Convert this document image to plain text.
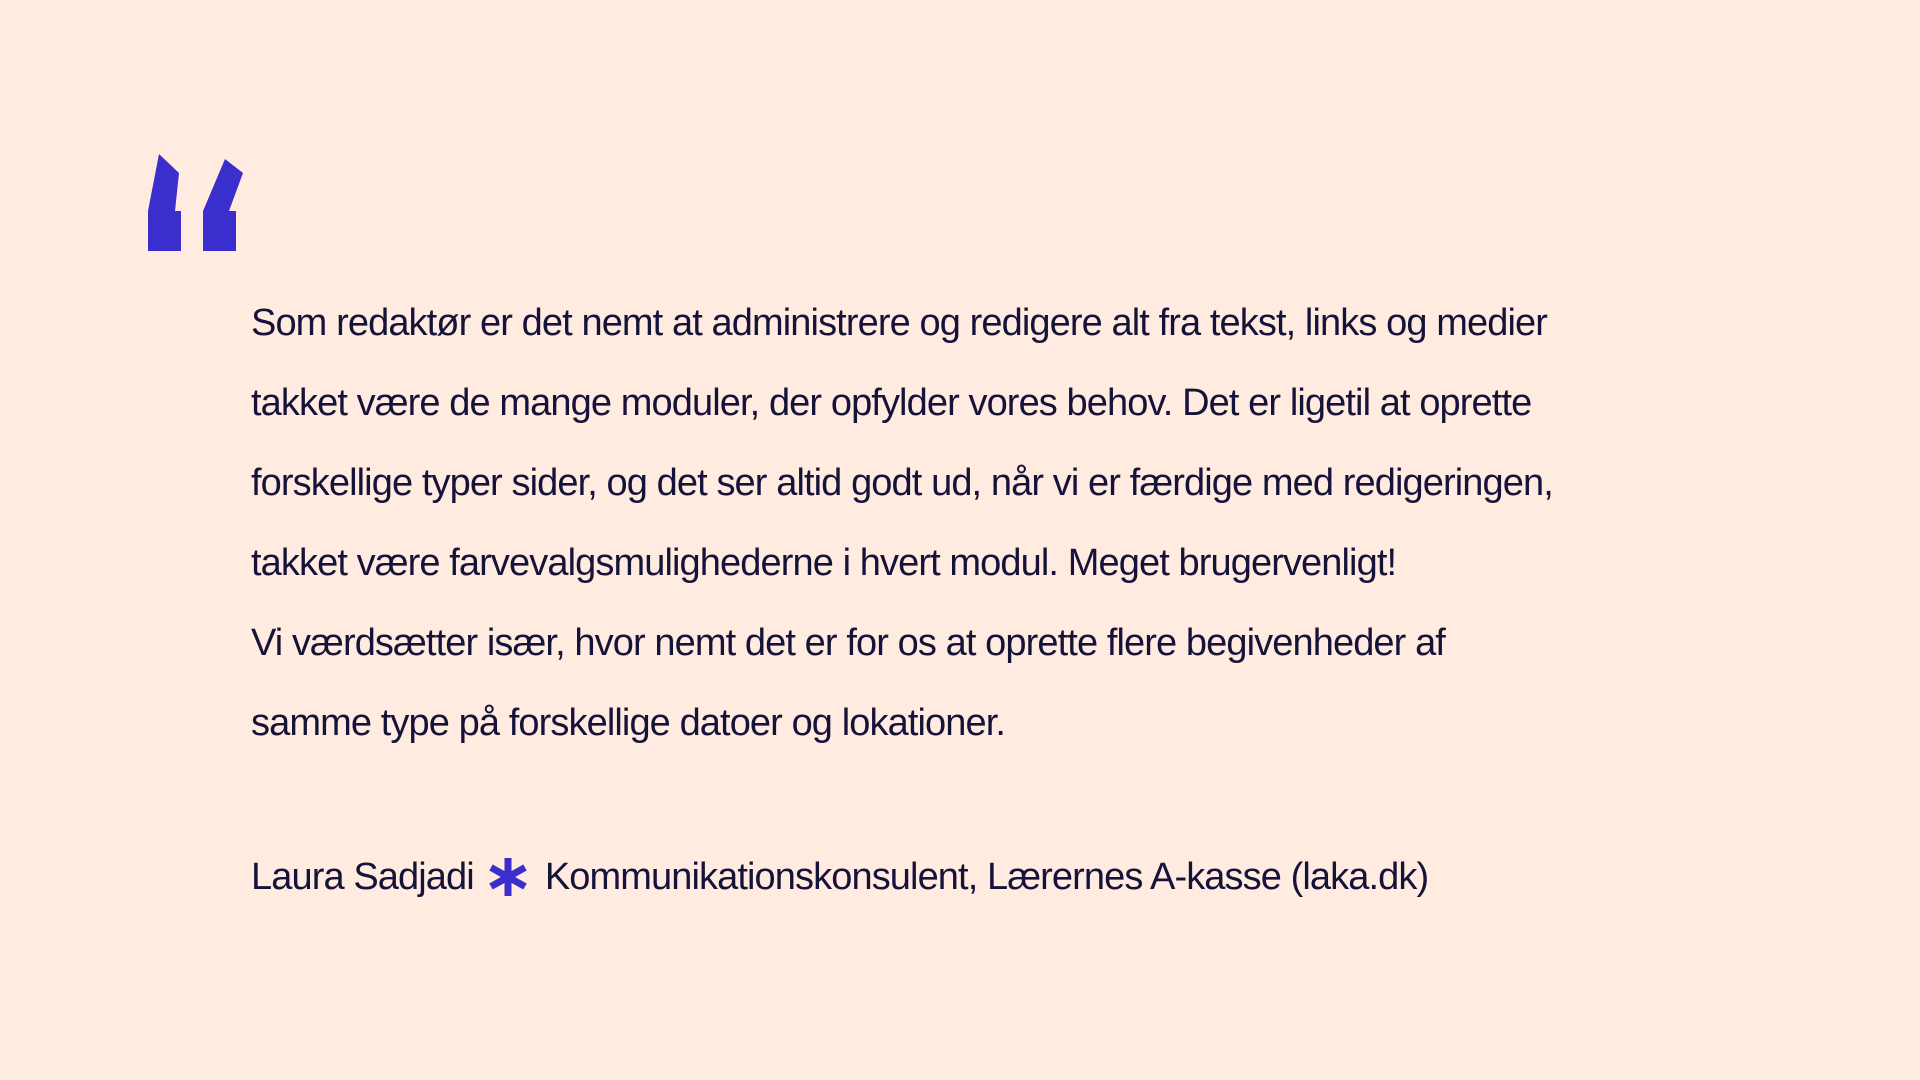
Som redaktør er det nemt at administrere og redigere alt fra tekst, links og medier
takket være de mange moduler, der opfylder vores behov. Det er ligetil at oprette
forskellige typer sider, og det ser altid godt ud, når vi er færdige med redigeringen,
takket være farvevalgsmulighederne i hvert modul. Meget brugervenligt!
Vi værdsætter især, hvor nemt det er for os at oprette flere begivenheder af
samme type på forskellige datoer og lokationer.

Laura Sadjadi Kommunikationskonsulent, Lærernes A-kasse (laka.dk)
